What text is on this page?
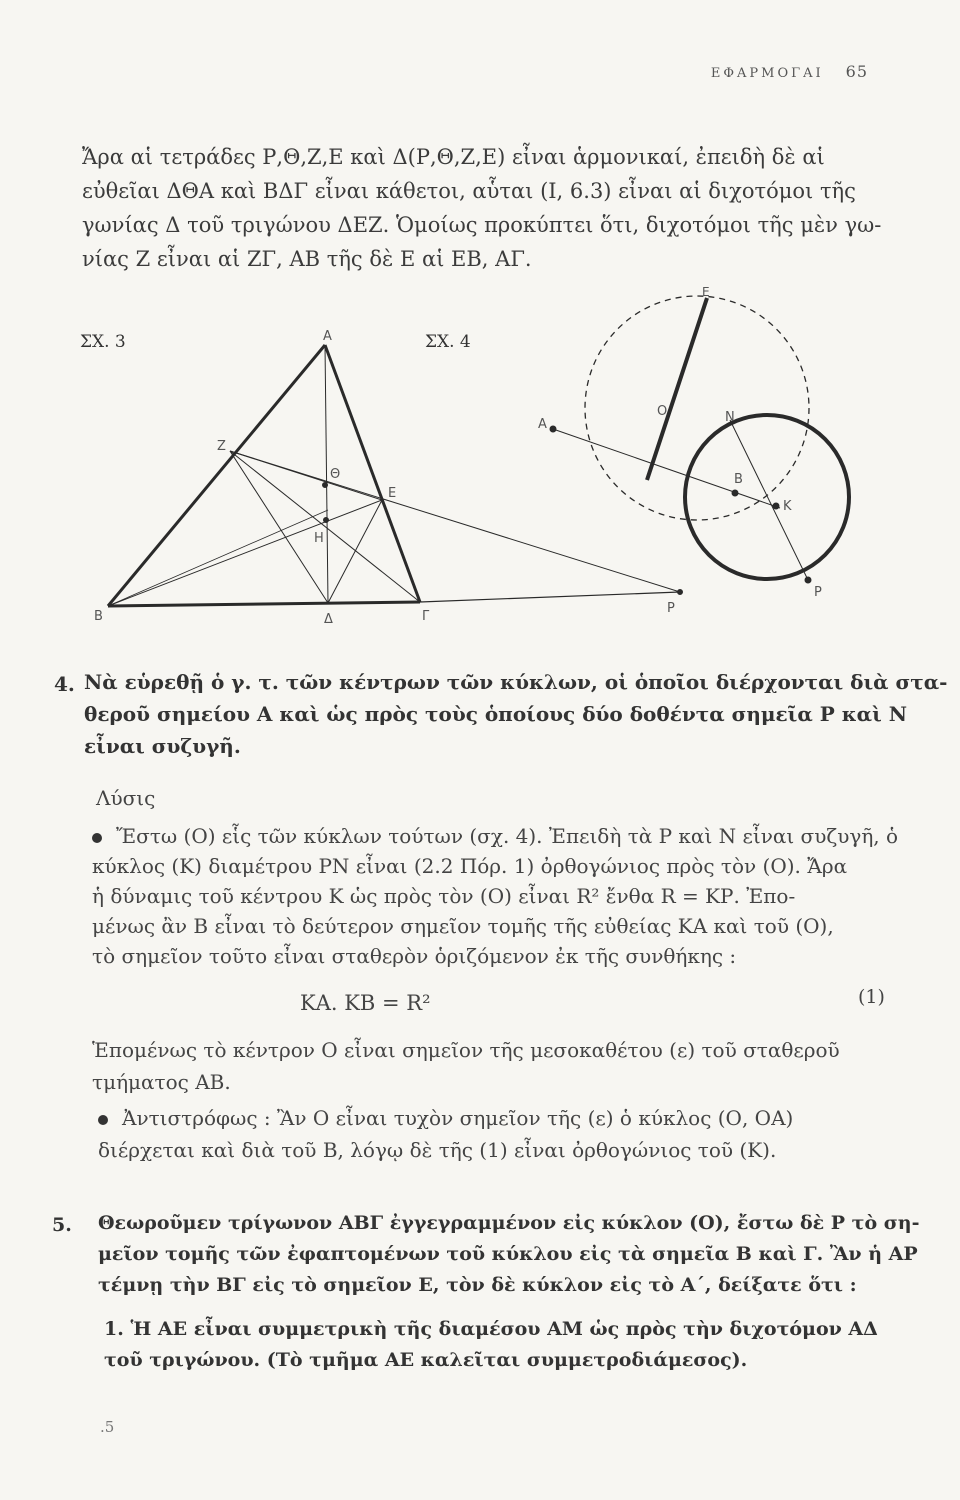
ΕΦΑΡΜΟΓΑΙ 65
Ἄρα αἱ τετράδες Ρ,Θ,Ζ,Ε καὶ Δ(Ρ,Θ,Ζ,Ε) εἶναι ἁρμονικαί, ἐπειδὴ δὲ αἱ
εὐθεῖαι ΔΘΑ καὶ ΒΔΓ εἶναι κάθετοι, αὗται (Ι, 6.3) εἶναι αἱ διχοτόμοι τῆς
γωνίας Δ τοῦ τριγώνου ΔΕΖ. Ὁμοίως προκύπτει ὅτι, διχοτόμοι τῆς μὲν γω-
νίας Ζ εἶναι αἱ ΖΓ, ΑΒ τῆς δὲ Ε αἱ ΕΒ, ΑΓ.
ΣΧ. 3	A
Z
Θ
E
H
B	Δ	Γ
P
ΣΧ. 4
E
O
A	N
B
K
P
4. Νὰ εὑρεθῇ ὁ γ. τ. τῶν κέντρων τῶν κύκλων, οἱ ὁποῖοι διέρχονται διὰ στα-
θεροῦ σημείου Α καὶ ὡς πρὸς τοὺς ὁποίους δύο δοθέντα σημεῖα Ρ καὶ Ν
εἶναι συζυγῆ.
Λύσις
Ἔστω (Ο) εἷς τῶν κύκλων τούτων (σχ. 4). Ἐπειδὴ τὰ Ρ καὶ Ν εἶναι συζυγῆ, ὁ
κύκλος (Κ) διαμέτρου ΡΝ εἶναι (2.2 Πόρ. 1) ὀρθογώνιος πρὸς τὸν (Ο). Ἄρα
ἡ δύναμις τοῦ κέντρου Κ ὡς πρὸς τὸν (Ο) εἶναι R² ἔνθα R = ΚΡ. Ἐπο-
μένως ἂν Β εἶναι τὸ δεύτερον σημεῖον τομῆς τῆς εὐθείας ΚΑ καὶ τοῦ (Ο),
τὸ σημεῖον τοῦτο εἶναι σταθερὸν ὁριζόμενον ἐκ τῆς συνθήκης :
ΚΑ. ΚΒ = R²	(1)
Ἑπομένως τὸ κέντρον Ο εἶναι σημεῖον τῆς μεσοκαθέτου (ε) τοῦ σταθεροῦ
τμήματος ΑΒ.
Ἀντιστρόφως : Ἂν Ο εἶναι τυχὸν σημεῖον τῆς (ε) ὁ κύκλος (Ο, ΟΑ)
διέρχεται καὶ διὰ τοῦ Β, λόγῳ δὲ τῆς (1) εἶναι ὀρθογώνιος τοῦ (Κ).
5. Θεωροῦμεν τρίγωνον ΑΒΓ ἐγγεγραμμένον εἰς κύκλον (Ο), ἔστω δὲ Ρ τὸ ση-
μεῖον τομῆς τῶν ἐφαπτομένων τοῦ κύκλου εἰς τὰ σημεῖα Β καὶ Γ. Ἂν ἡ ΑΡ
τέμνῃ τὴν ΒΓ εἰς τὸ σημεῖον Ε, τὸν δὲ κύκλον εἰς τὸ Α΄, δείξατε ὅτι :
1. Ἡ ΑΕ εἶναι συμμετρικὴ τῆς διαμέσου ΑΜ ὡς πρὸς τὴν διχοτόμον ΑΔ
τοῦ τριγώνου. (Τὸ τμῆμα ΑΕ καλεῖται συμμετροδιάμεσος).
.5
